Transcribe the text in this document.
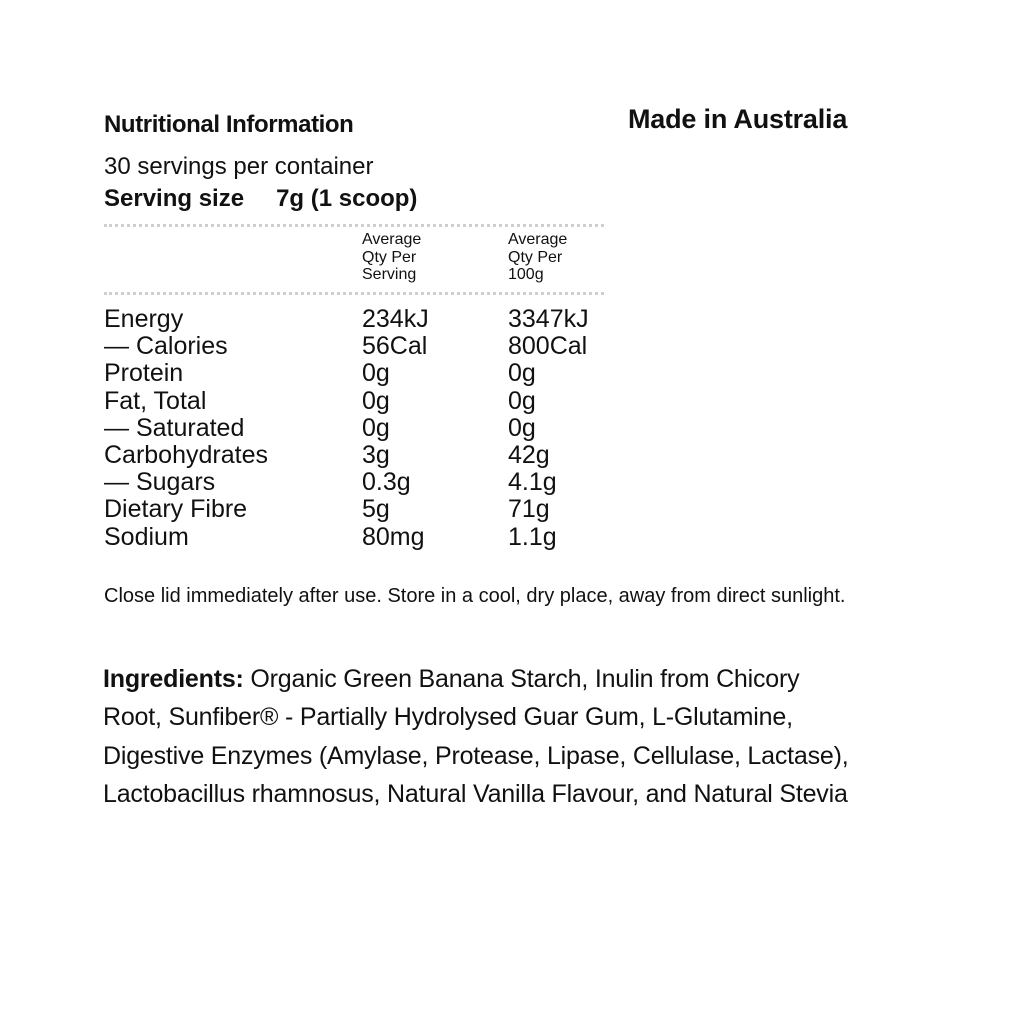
Nutritional Information	Made in Australia
30 servings per container
Serving size 7g (1 scoop)
Average
Qty Per
Serving
Average
Qty Per
100g
Energy	234kJ	3347kJ
— Calories	56Cal	800Cal
Protein	0g	0g
Fat, Total	0g	0g
— Saturated	0g	0g
Carbohydrates	3g	42g
— Sugars	0.3g	4.1g
Dietary Fibre	5g	71g
Sodium	80mg	1.1g
Close lid immediately after use. Store in a cool, dry place, away from direct sunlight.
Ingredients: Organic Green Banana Starch, Inulin from Chicory Root, Sunfiber® - Partially Hydrolysed Guar Gum, L-Glutamine, Digestive Enzymes (Amylase, Protease, Lipase, Cellulase, Lactase), Lactobacillus rhamnosus, Natural Vanilla Flavour, and Natural Stevia
